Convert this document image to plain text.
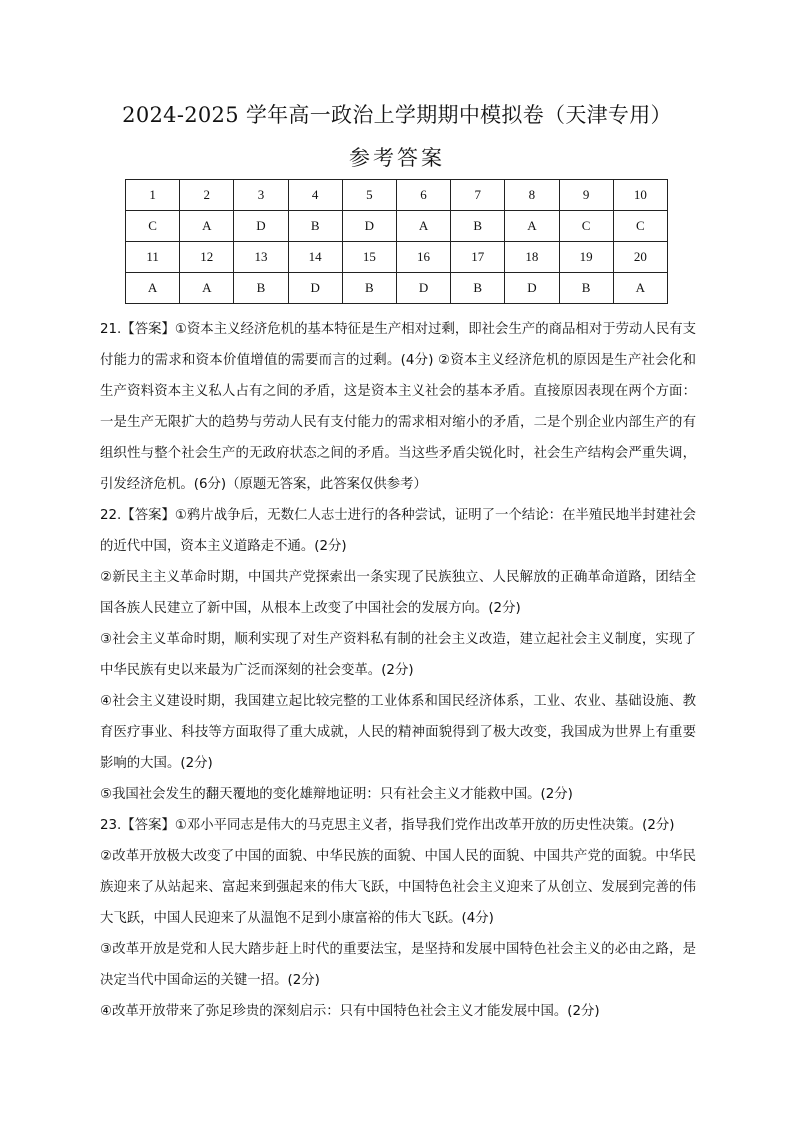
2024-2025 学年高一政治上学期期中模拟卷（天津专用）
参考答案
1	2	3	4	5	6	7	8	9	10
C	A	D	B	D	A	B	A	C	C
11	12	13	14	15	16	17	18	19	20
A	A	B	D	B	D	B	D	B	A

21.【答案】①资本主义经济危机的基本特征是生产相对过剩，即社会生产的商品相对于劳动人民有支付能力的需求和资本价值增值的需要而言的过剩。(4分) ②资本主义经济危机的原因是生产社会化和生产资料资本主义私人占有之间的矛盾，这是资本主义社会的基本矛盾。直接原因表现在两个方面：一是生产无限扩大的趋势与劳动人民有支付能力的需求相对缩小的矛盾，二是个别企业内部生产的有组织性与整个社会生产的无政府状态之间的矛盾。当这些矛盾尖锐化时，社会生产结构会严重失调，引发经济危机。(6分)（原题无答案，此答案仅供参考）

22.【答案】①鸦片战争后，无数仁人志士进行的各种尝试，证明了一个结论：在半殖民地半封建社会的近代中国，资本主义道路走不通。(2分)

②新民主主义革命时期，中国共产党探索出一条实现了民族独立、人民解放的正确革命道路，团结全国各族人民建立了新中国，从根本上改变了中国社会的发展方向。(2分)

③社会主义革命时期，顺利实现了对生产资料私有制的社会主义改造，建立起社会主义制度，实现了中华民族有史以来最为广泛而深刻的社会变革。(2分)

④社会主义建设时期，我国建立起比较完整的工业体系和国民经济体系，工业、农业、基础设施、教育医疗事业、科技等方面取得了重大成就，人民的精神面貌得到了极大改变，我国成为世界上有重要影响的大国。(2分)

⑤我国社会发生的翻天覆地的变化雄辩地证明：只有社会主义才能救中国。(2分)

23.【答案】①邓小平同志是伟大的马克思主义者，指导我们党作出改革开放的历史性决策。(2分)

②改革开放极大改变了中国的面貌、中华民族的面貌、中国人民的面貌、中国共产党的面貌。中华民族迎来了从站起来、富起来到强起来的伟大飞跃，中国特色社会主义迎来了从创立、发展到完善的伟大飞跃，中国人民迎来了从温饱不足到小康富裕的伟大飞跃。(4分)

③改革开放是党和人民大踏步赶上时代的重要法宝，是坚持和发展中国特色社会主义的必由之路，是决定当代中国命运的关键一招。(2分)

④改革开放带来了弥足珍贵的深刻启示：只有中国特色社会主义才能发展中国。(2分)
